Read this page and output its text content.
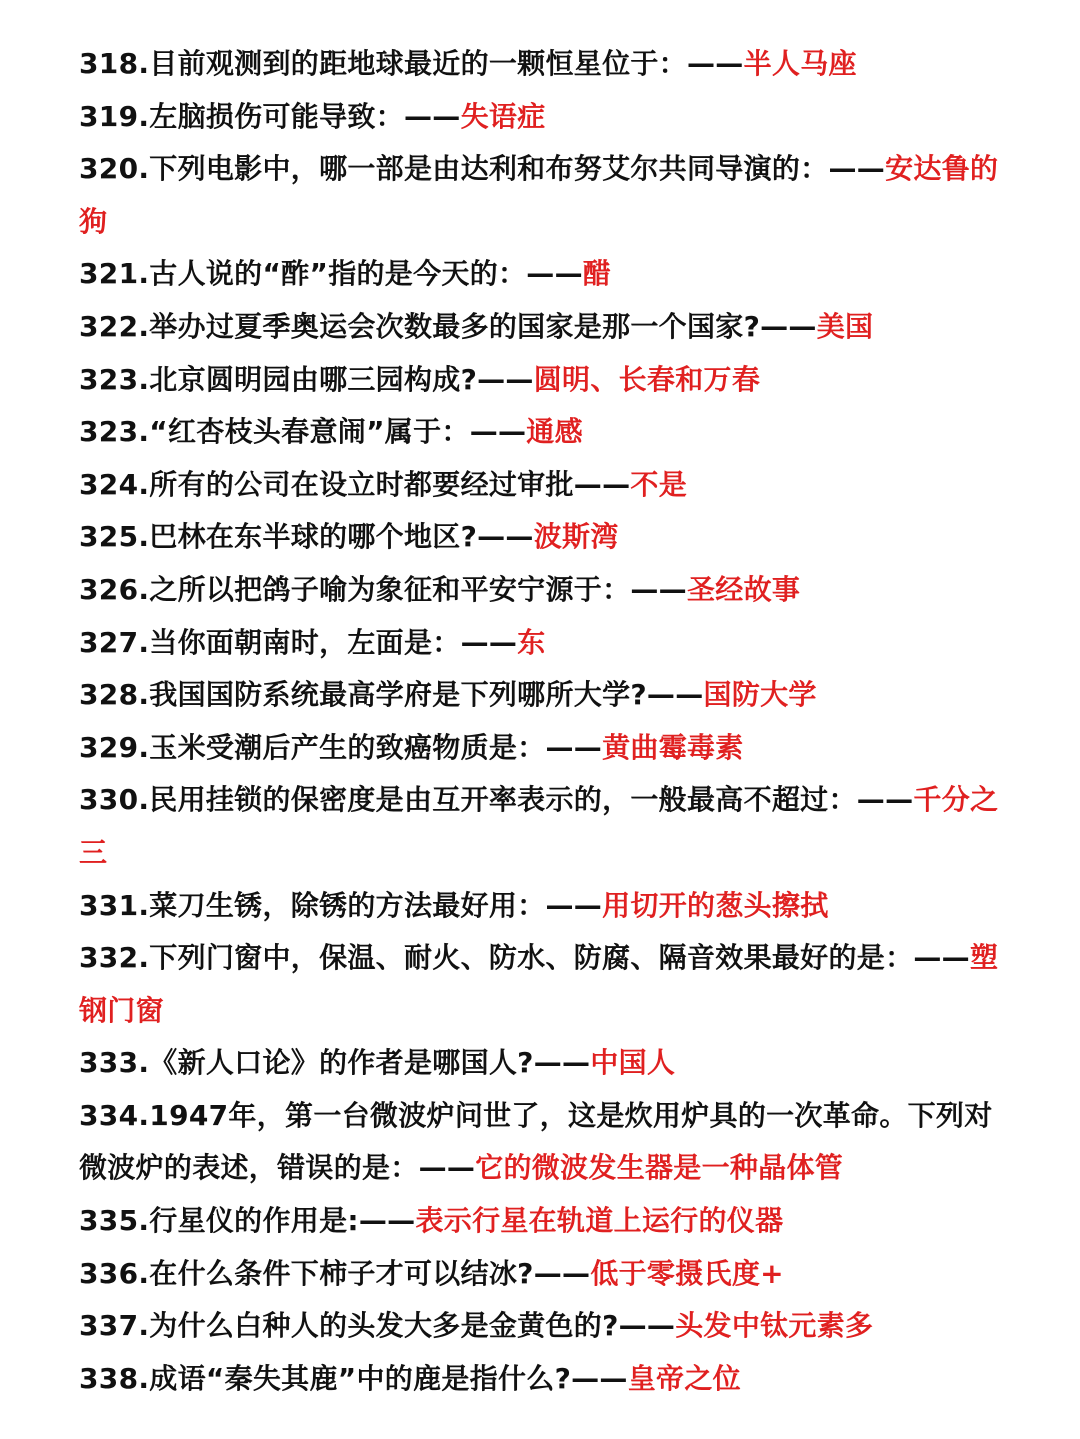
318.目前观测到的距地球最近的一颗恒星位于：——半人马座

319.左脑损伤可能导致：——失语症

320.下列电影中，哪一部是由达利和布努艾尔共同导演的：——安达鲁的狗

321.古人说的“酢”指的是今天的：——醋

322.举办过夏季奥运会次数最多的国家是那一个国家?——美国

323.北京圆明园由哪三园构成?——圆明、长春和万春

323.“红杏枝头春意闹”属于：——通感

324.所有的公司在设立时都要经过审批——不是

325.巴林在东半球的哪个地区?——波斯湾

326.之所以把鸽子喻为象征和平安宁源于：——圣经故事

327.当你面朝南时，左面是：——东

328.我国国防系统最高学府是下列哪所大学?——国防大学

329.玉米受潮后产生的致癌物质是：——黄曲霉毒素

330.民用挂锁的保密度是由互开率表示的，一般最高不超过：——千分之三

331.菜刀生锈，除锈的方法最好用：——用切开的葱头擦拭

332.下列门窗中，保温、耐火、防水、防腐、隔音效果最好的是：——塑钢门窗

333.《新人口论》的作者是哪国人?——中国人

334.1947年，第一台微波炉问世了，这是炊用炉具的一次革命。下列对微波炉的表述，错误的是：——它的微波发生器是一种晶体管

335.行星仪的作用是:——表示行星在轨道上运行的仪器

336.在什么条件下柿子才可以结冰?——低于零摄氏度+

337.为什么白种人的头发大多是金黄色的?——头发中钛元素多

338.成语“秦失其鹿”中的鹿是指什么?——皇帝之位
